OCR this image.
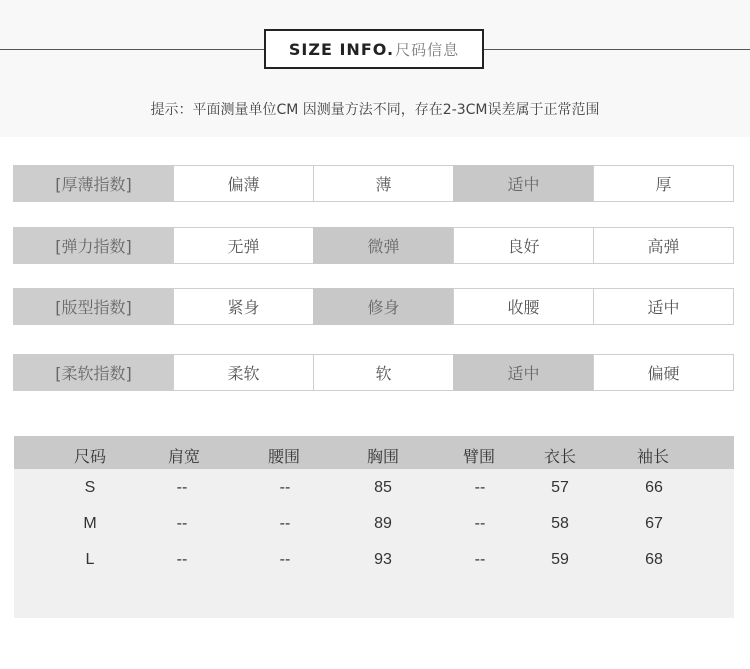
SIZE INFO. 尺码信息
提示：平面测量单位CM 因测量方法不同，存在2-3CM误差属于正常范围
[厚薄指数]	偏薄	薄	适中	厚
[弹力指数]	无弹	微弹	良好	高弹
[版型指数]	紧身	修身	收腰	适中
[柔软指数]	柔软	软	适中	偏硬
尺码	肩宽	腰围	胸围	臂围	衣长	袖长
S	--	--	85	--	57	66
M	--	--	89	--	58	67
L	--	--	93	--	59	68
